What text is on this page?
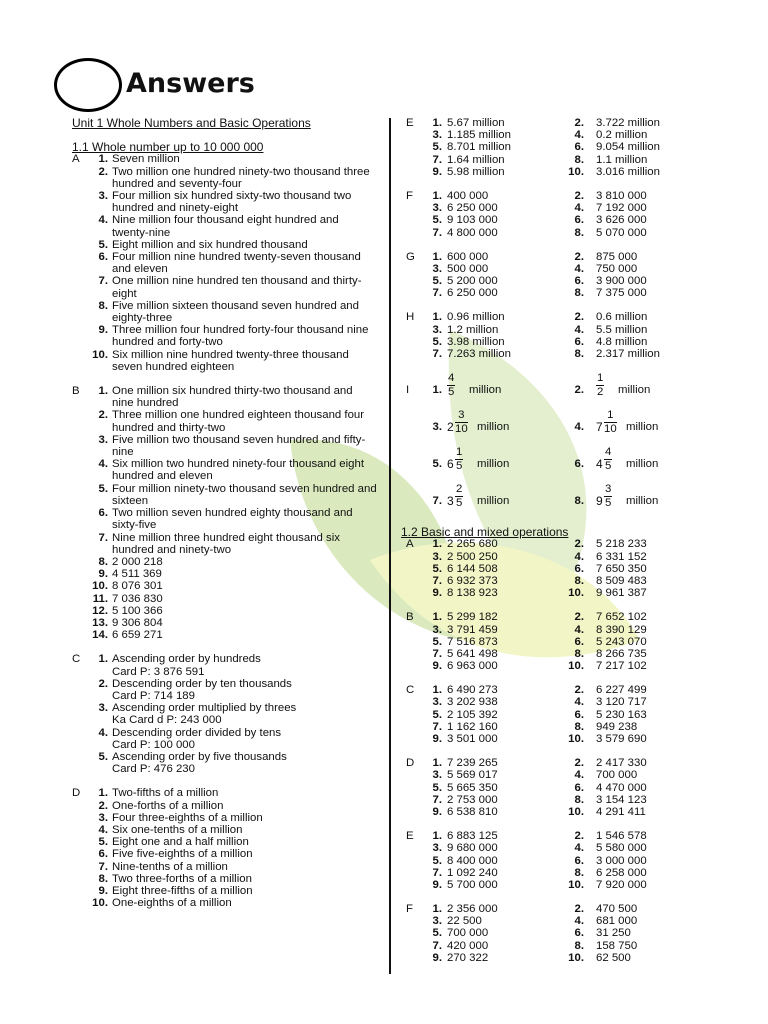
Answers
Unit 1 Whole Numbers and Basic Operations
1.1 Whole number up to 10 000 000
A	1. Seven million
2. Two million one hundred ninety-two thousand three hundred and seventy-four
3. Four million six hundred sixty-two thousand two hundred and ninety-eight
4. Nine million four thousand eight hundred and twenty-nine
5. Eight million and six hundred thousand
6. Four million nine hundred twenty-seven thousand and eleven
7. One million nine hundred ten thousand and thirty-eight
8. Five million sixteen thousand seven hundred and eighty-three
9. Three million four hundred forty-four thousand nine hundred and forty-two
10. Six million nine hundred twenty-three thousand seven hundred eighteen
B	1. One million six hundred thirty-two thousand and nine hundred
2. Three million one hundred eighteen thousand four hundred and thirty-two
3. Five million two thousand seven hundred and fifty-nine
4. Six million two hundred ninety-four thousand eight hundred and eleven
5. Four million ninety-two thousand seven hundred and sixteen
6. Two million seven hundred eighty thousand and sixty-five
7. Nine million three hundred eight thousand six hundred and ninety-two
8. 2 000 218
9. 4 511 369
10. 8 076 301
11. 7 036 830
12. 5 100 366
13. 9 306 804
14. 6 659 271
C	1. Ascending order by hundreds
Card P: 3 876 591
2. Descending order by ten thousands
Card P: 714 189
3. Ascending order multiplied by threes
Ka Card d P: 243 000
4. Descending order divided by tens
Card P: 100 000
5. Ascending order by five thousands
Card P: 476 230
D	1. Two-fifths of a million
2. One-forths of a million
3. Four three-eighths of a million
4. Six one-tenths of a million
5. Eight one and a half million
6. Five five-eighths of a million
7. Nine-tenths of a million
8. Two three-forths of a million
9. Eight three-fifths of a million
10. One-eighths of a million
E	1. 5.67 million	2. 3.722 million
3. 1.185 million	4. 0.2 million
5. 8.701 million	6. 9.054 million
7. 1.64 million	8. 1.1 million
9. 5.98 million	10. 3.016 million
F	1. 400 000	2. 3 810 000
3. 6 250 000	4. 7 192 000
5. 9 103 000	6. 3 626 000
7. 4 800 000	8. 5 070 000
G	1. 600 000	2. 875 000
3. 500 000	4. 750 000
5. 5 200 000	6. 3 900 000
7. 6 250 000	8. 7 375 000
H	1. 0.96 million	2. 0.6 million
3. 1.2 million	4. 5.5 million
5. 3.98 million	6. 4.8 million
7. 7.263 million	8. 2.317 million
I	1. $\frac{4}{5}$ million	2. $\frac{1}{2}$ million
3. $2 \frac{3}{10}$ million	4. $7 \frac{1}{10}$ million
5. $6 \frac{1}{5}$ million	6. $4 \frac{4}{5}$ million
7. $3 \frac{2}{5}$ million	8. $9 \frac{3}{5}$ million
1.2 Basic and mixed operations
A	1. 2 265 680	2. 5 218 233
3. 2 500 250	4. 6 331 152
5. 6 144 508	6. 7 650 350
7. 6 932 373	8. 8 509 483
9. 8 138 923	10. 9 961 387
B	1. 5 299 182	2. 7 652 102
3. 3 791 459	4. 8 390 129
5. 7 516 873	6. 5 243 070
7. 5 641 498	8. 8 266 735
9. 6 963 000	10. 7 217 102
C	1. 6 490 273	2. 6 227 499
3. 3 202 938	4. 3 120 717
5. 2 105 392	6. 5 230 163
7. 1 162 160	8. 949 238
9. 3 501 000	10. 3 579 690
D	1. 7 239 265	2. 2 417 330
3. 5 569 017	4. 700 000
5. 5 665 350	6. 4 470 000
7. 2 753 000	8. 3 154 123
9. 6 538 810	10. 4 291 411
E	1. 6 883 125	2. 1 546 578
3. 9 680 000	4. 5 580 000
5. 8 400 000	6. 3 000 000
7. 1 092 240	8. 6 258 000
9. 5 700 000	10. 7 920 000
F	1. 2 356 000	2. 470 500
3. 22 500	4. 681 000
5. 700 000	6. 31 250
7. 420 000	8. 158 750
9. 270 322	10. 62 500
